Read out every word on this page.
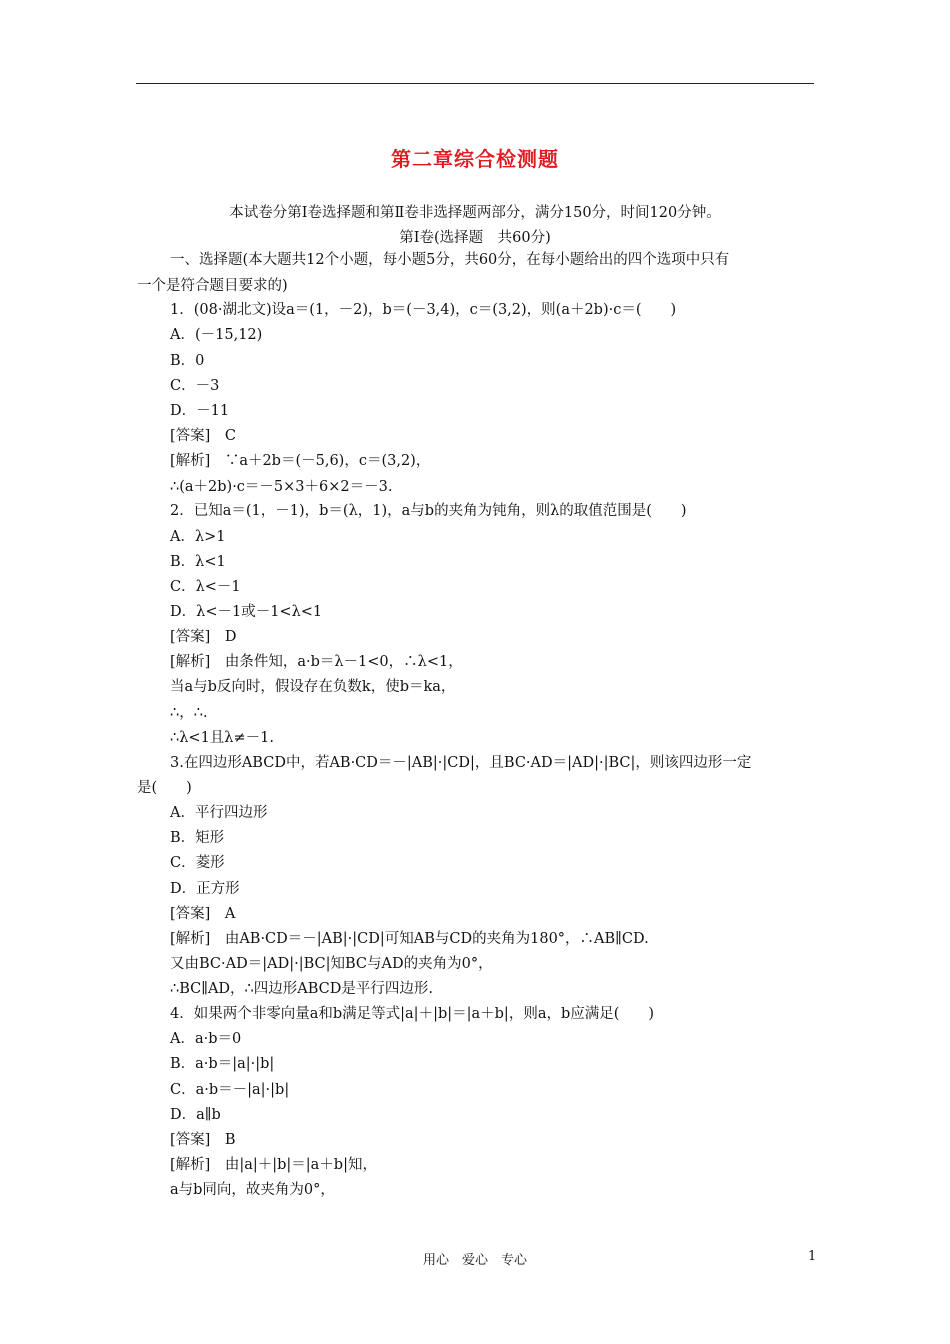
第二章综合检测题
本试卷分第Ⅰ卷选择题和第Ⅱ卷非选择题两部分，满分150分，时间120分钟。
第Ⅰ卷(选择题　共60分)
一、选择题(本大题共12个小题，每小题5分，共60分，在每小题给出的四个选项中只有
一个是符合题目要求的)
1．(08·湖北文)设a＝(1，－2)，b＝(－3,4)，c＝(3,2)，则(a＋2b)·c＝(　　)
A．(－15,12)
B．0
C．－3
D．－11
[答案]　C
[解析]　∵a＋2b＝(－5,6)，c＝(3,2)，
∴(a＋2b)·c＝－5×3＋6×2＝－3.
2．已知a＝(1，－1)，b＝(λ，1)，a与b的夹角为钝角，则λ的取值范围是(　　)
A．λ>1
B．λ<1
C．λ<－1
D．λ<－1或－1<λ<1
[答案]　D
[解析]　由条件知，a·b＝λ－1<0，∴λ<1，
当a与b反向时，假设存在负数k，使b＝ka，
∴，∴.
∴λ<1且λ≠－1.
3.在四边形ABCD中，若AB·CD＝－|AB|·|CD|，且BC·AD＝|AD|·|BC|，则该四边形一定
是(　　)
A．平行四边形
B．矩形
C．菱形
D．正方形
[答案]　A
[解析]　由AB·CD＝－|AB|·|CD|可知AB与CD的夹角为180°，∴AB∥CD.
又由BC·AD＝|AD|·|BC|知BC与AD的夹角为0°，
∴BC∥AD，∴四边形ABCD是平行四边形.
4．如果两个非零向量a和b满足等式|a|＋|b|＝|a＋b|，则a，b应满足(　　)
A．a·b＝0
B．a·b＝|a|·|b|
C．a·b＝－|a|·|b|
D．a∥b
[答案]　B
[解析]　由|a|＋|b|＝|a＋b|知，
a与b同向，故夹角为0°，
用心　爱心　专心	1
